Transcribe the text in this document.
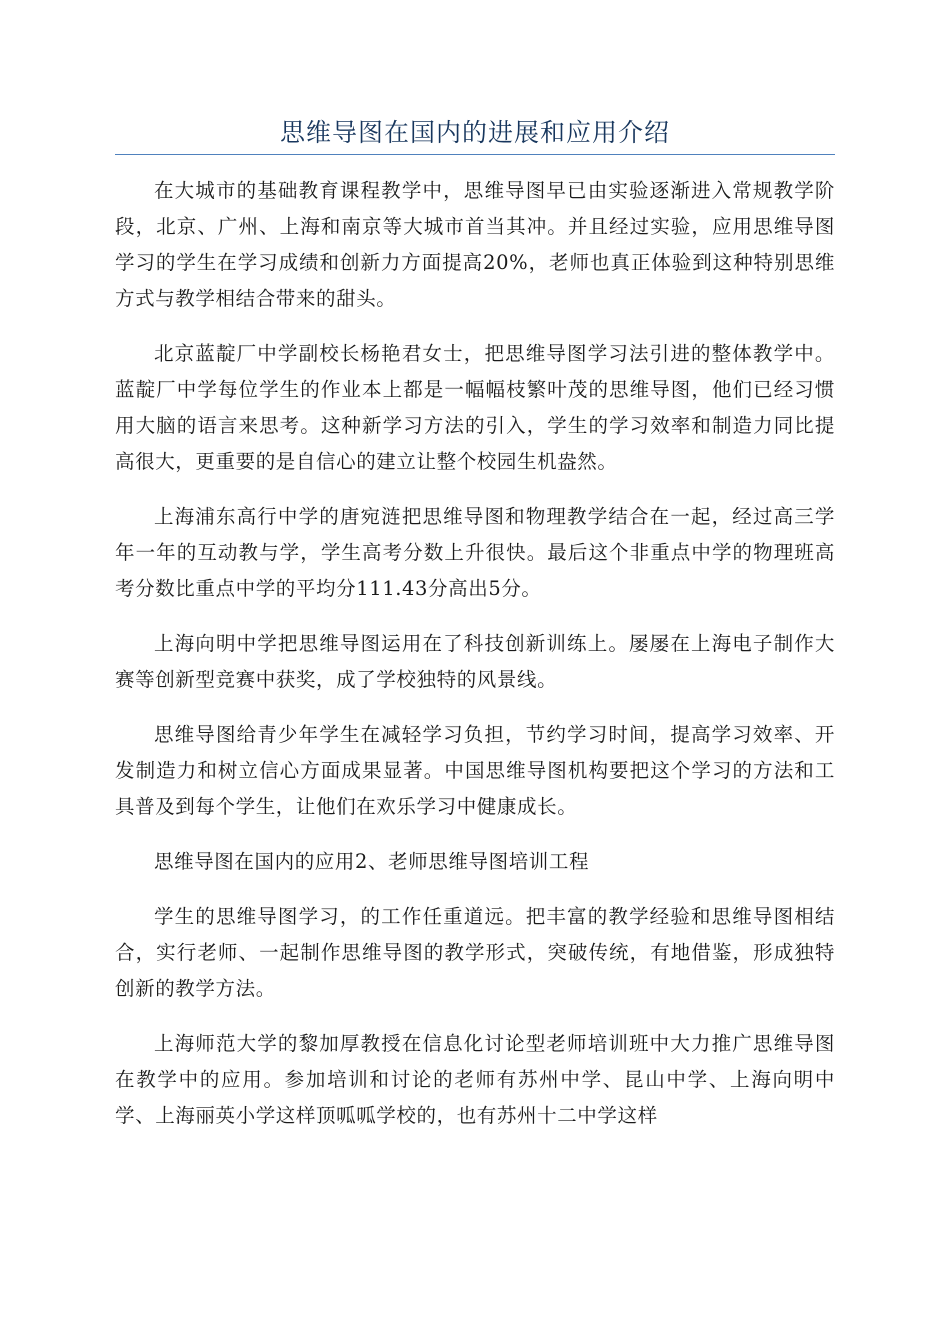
思维导图在国内的进展和应用介绍

在大城市的基础教育课程教学中，思维导图早已由实验逐渐进入常规教学阶段，北京、广州、上海和南京等大城市首当其冲。并且经过实验，应用思维导图学习的学生在学习成绩和创新力方面提高20%，老师也真正体验到这种特别思维方式与教学相结合带来的甜头。

北京蓝靛厂中学副校长杨艳君女士，把思维导图学习法引进的整体教学中。蓝靛厂中学每位学生的作业本上都是一幅幅枝繁叶茂的思维导图，他们已经习惯用大脑的语言来思考。这种新学习方法的引入，学生的学习效率和制造力同比提高很大，更重要的是自信心的建立让整个校园生机盎然。

上海浦东高行中学的唐宛涟把思维导图和物理教学结合在一起，经过高三学年一年的互动教与学，学生高考分数上升很快。最后这个非重点中学的物理班高考分数比重点中学的平均分111.43分高出5分。

上海向明中学把思维导图运用在了科技创新训练上。屡屡在上海电子制作大赛等创新型竞赛中获奖，成了学校独特的风景线。

思维导图给青少年学生在减轻学习负担，节约学习时间，提高学习效率、开发制造力和树立信心方面成果显著。中国思维导图机构要把这个学习的方法和工具普及到每个学生，让他们在欢乐学习中健康成长。

思维导图在国内的应用2、老师思维导图培训工程

学生的思维导图学习，的工作任重道远。把丰富的教学经验和思维导图相结合，实行老师、一起制作思维导图的教学形式，突破传统，有地借鉴，形成独特创新的教学方法。

上海师范大学的黎加厚教授在信息化讨论型老师培训班中大力推广思维导图在教学中的应用。参加培训和讨论的老师有苏州中学、昆山中学、上海向明中学、上海丽英小学这样顶呱呱学校的，也有苏州十二中学这样
